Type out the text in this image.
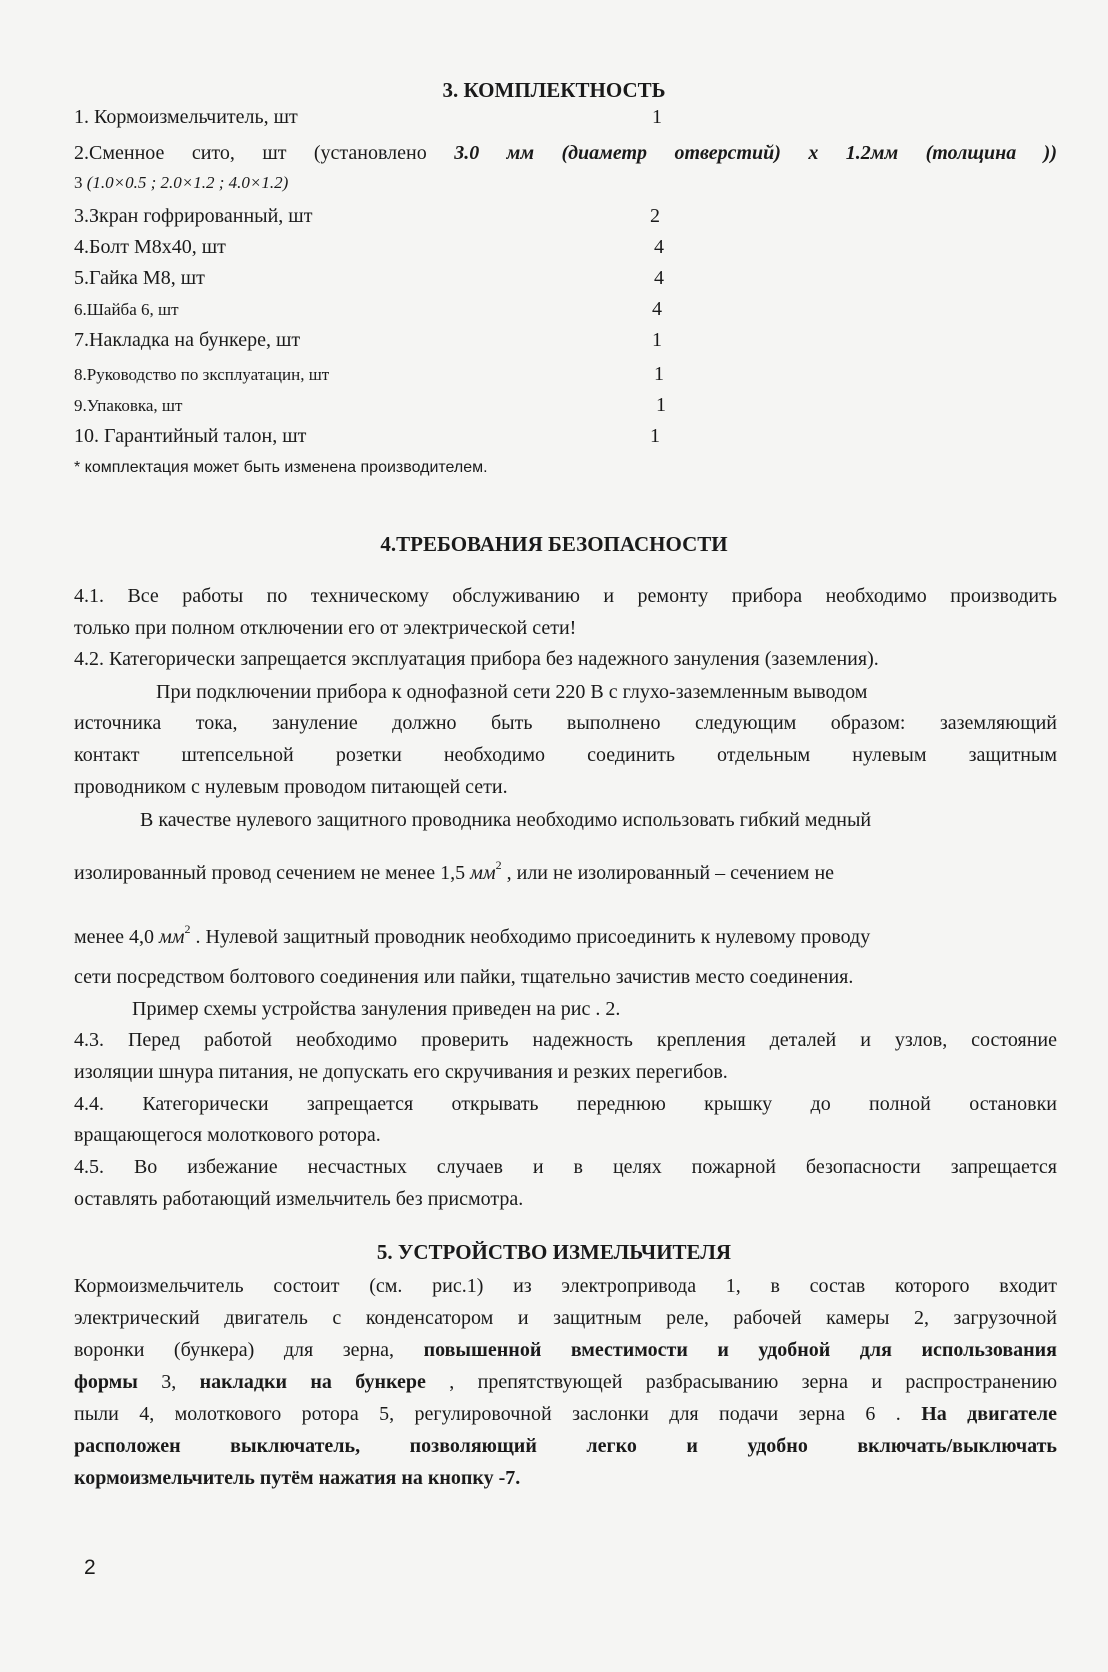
3. КОМПЛЕКТНОСТЬ
1. Кормоизмельчитель, шт	1
2.Сменное сито, шт (установлено 3.0 мм (диаметр отверстий) х 1.2мм (толщина ))
3 (1.0×0.5 ; 2.0×1.2 ; 4.0×1.2)
3.Зкран гофрированный, шт	2
4.Болт М8х40, шт	4
5.Гайка М8, шт	4
6.Шайба 6, шт	4
7.Накладка на бункере, шт	1
8.Руководство по зксплуатацин, шт	1
9.Упаковка, шт	1
10. Гарантийный талон, шт	1
* комплектация может быть изменена производителем.
4.ТРЕБОВАНИЯ БЕЗОПАСНОСТИ
4.1. Все работы по техническому обслуживанию и ремонту прибора необходимо производить
только при полном отключении его от электрической сети!
4.2. Категорически запрещается эксплуатация прибора без надежного зануления (заземления).
При подключении прибора к однофазной сети 220 В с глухо-заземленным выводом
источника тока, зануление должно быть выполнено следующим образом: заземляющий
контакт штепсельной розетки необходимо соединить отдельным нулевым защитным
проводником с нулевым проводом питающей сети.
В качестве нулевого защитного проводника необходимо использовать гибкий медный
изолированный провод сечением не менее 1,5 $мм^2$ , или не изолированный – сечением не
менее 4,0 $мм^2$ . Нулевой защитный проводник необходимо присоединить к нулевому проводу
сети посредством болтового соединения или пайки, тщательно зачистив место соединения.
Пример схемы устройства зануления приведен на рис . 2.
4.3. Перед работой необходимо проверить надежность крепления деталей и узлов, состояние
изоляции шнура питания, не допускать его скручивания и резких перегибов.
4.4. Категорически запрещается открывать переднюю крышку до полной остановки
вращающегося молоткового ротора.
4.5. Во избежание несчастных случаев и в целях пожарной безопасности запрещается
оставлять работающий измельчитель без присмотра.
5. УСТРОЙСТВО ИЗМЕЛЬЧИТЕЛЯ
Кормоизмельчитель состоит (см. рис.1) из электропривода 1, в состав которого входит
электрический двигатель с конденсатором и защитным реле, рабочей камеры 2, загрузочной
воронки (бункера) для зерна, повышенной вместимости и удобной для использования
формы 3, накладки на бункере , препятствующей разбрасыванию зерна и распространению
пыли 4, молоткового ротора 5, регулировочной заслонки для подачи зерна 6 . На двигателе
расположен выключатель, позволяющий легко и удобно включать/выключать
кормоизмельчитель путём нажатия на кнопку -7.
2
